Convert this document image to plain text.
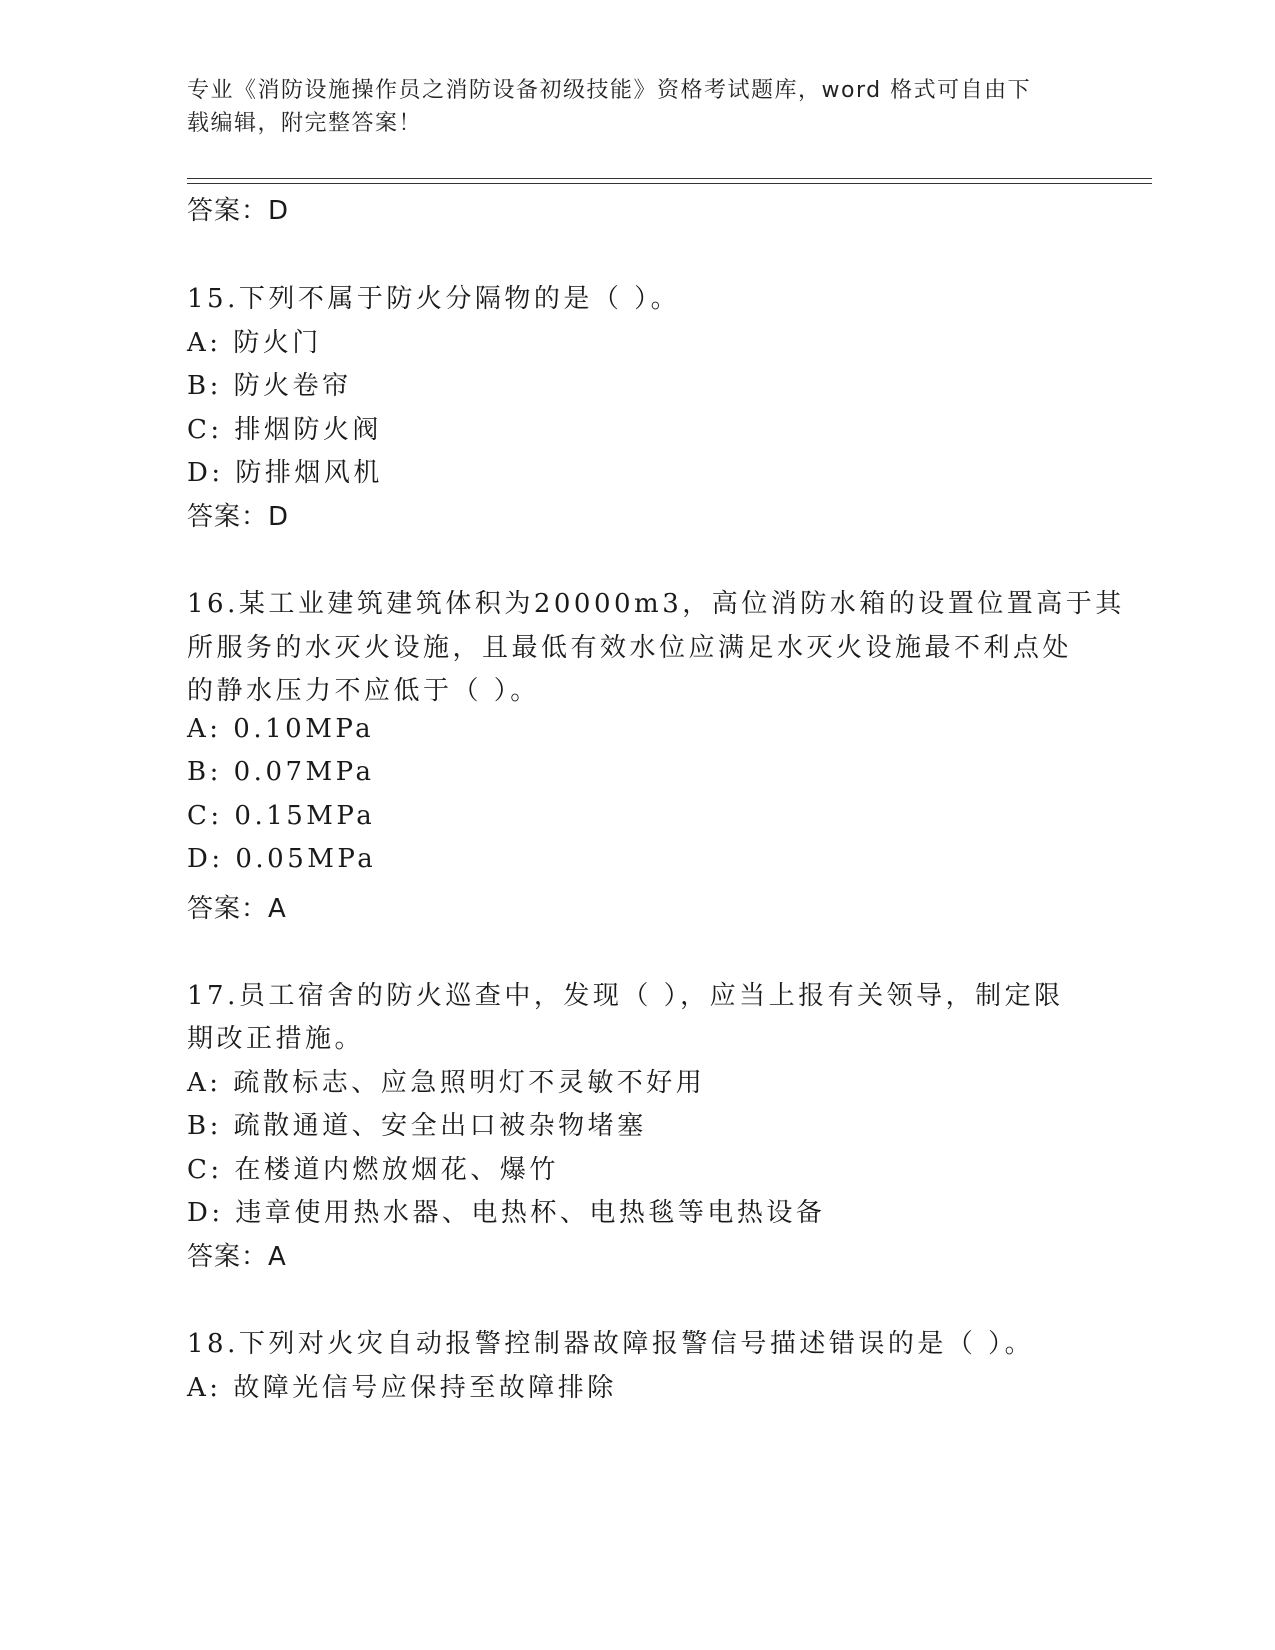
专业《消防设施操作员之消防设备初级技能》资格考试题库，word 格式可自由下
载编辑，附完整答案！
答案：D
15.下列不属于防火分隔物的是（ ）。
A: 防火门
B: 防火卷帘
C: 排烟防火阀
D: 防排烟风机
答案：D
16.某工业建筑建筑体积为20000m3，高位消防水箱的设置位置高于其
所服务的水灭火设施，且最低有效水位应满足水灭火设施最不利点处
的静水压力不应低于（ ）。
A: 0.10MPa
B: 0.07MPa
C: 0.15MPa
D: 0.05MPa
答案：A
17.员工宿舍的防火巡查中，发现（ ），应当上报有关领导，制定限
期改正措施。
A: 疏散标志、应急照明灯不灵敏不好用
B: 疏散通道、安全出口被杂物堵塞
C: 在楼道内燃放烟花、爆竹
D: 违章使用热水器、电热杯、电热毯等电热设备
答案：A
18.下列对火灾自动报警控制器故障报警信号描述错误的是（ ）。
A: 故障光信号应保持至故障排除
